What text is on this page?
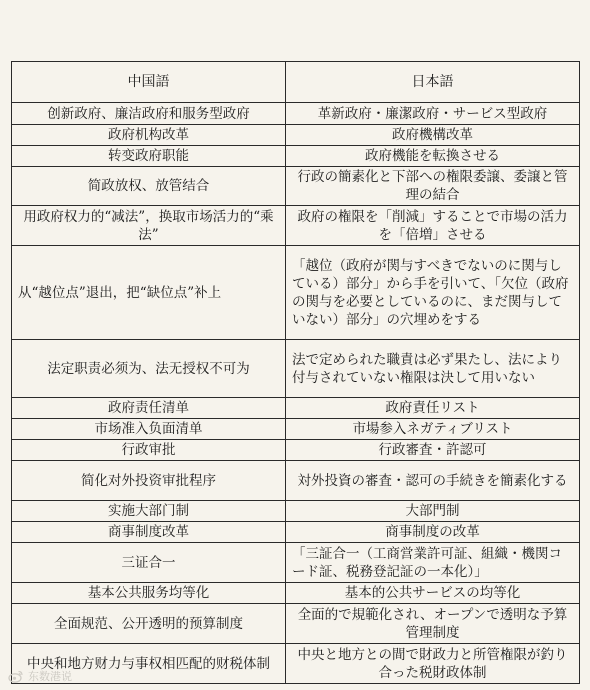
中国語	日本語
创新政府、廉洁政府和服务型政府	革新政府・廉潔政府・サービス型政府
政府机构改革	政府機構改革
转变政府职能	政府機能を転換させる
简政放权、放管结合	行政の簡素化と下部への権限委譲、委譲と管理の結合
用政府权力的“减法”，换取市场活力的“乘法”	政府の権限を「削減」することで市場の活力を「倍増」させる
从“越位点”退出，把“缺位点”补上	「越位（政府が関与すべきでないのに関与している）部分」から手を引いて、「欠位（政府の関与を必要としているのに、まだ関与していない）部分」の穴埋めをする
法定职责必须为、法无授权不可为	法で定められた職責は必ず果たし、法により付与されていない権限は決して用いない
政府责任清单	政府責任リスト
市场准入负面清单	市場参入ネガティブリスト
行政审批	行政審査・許認可
简化对外投资审批程序	対外投資の審査・認可の手続きを簡素化する
实施大部门制	大部門制
商事制度改革	商事制度の改革
三证合一	「三証合一（工商営業許可証、組織・機関コード証、税務登記証の一本化）」
基本公共服务均等化	基本的公共サービスの均等化
全面规范、公开透明的预算制度	全面的で規範化され、オープンで透明な予算管理制度
中央和地方财力与事权相匹配的财税体制	中央と地方との間で財政力と所管権限が釣り合った税財政体制
东数港说
